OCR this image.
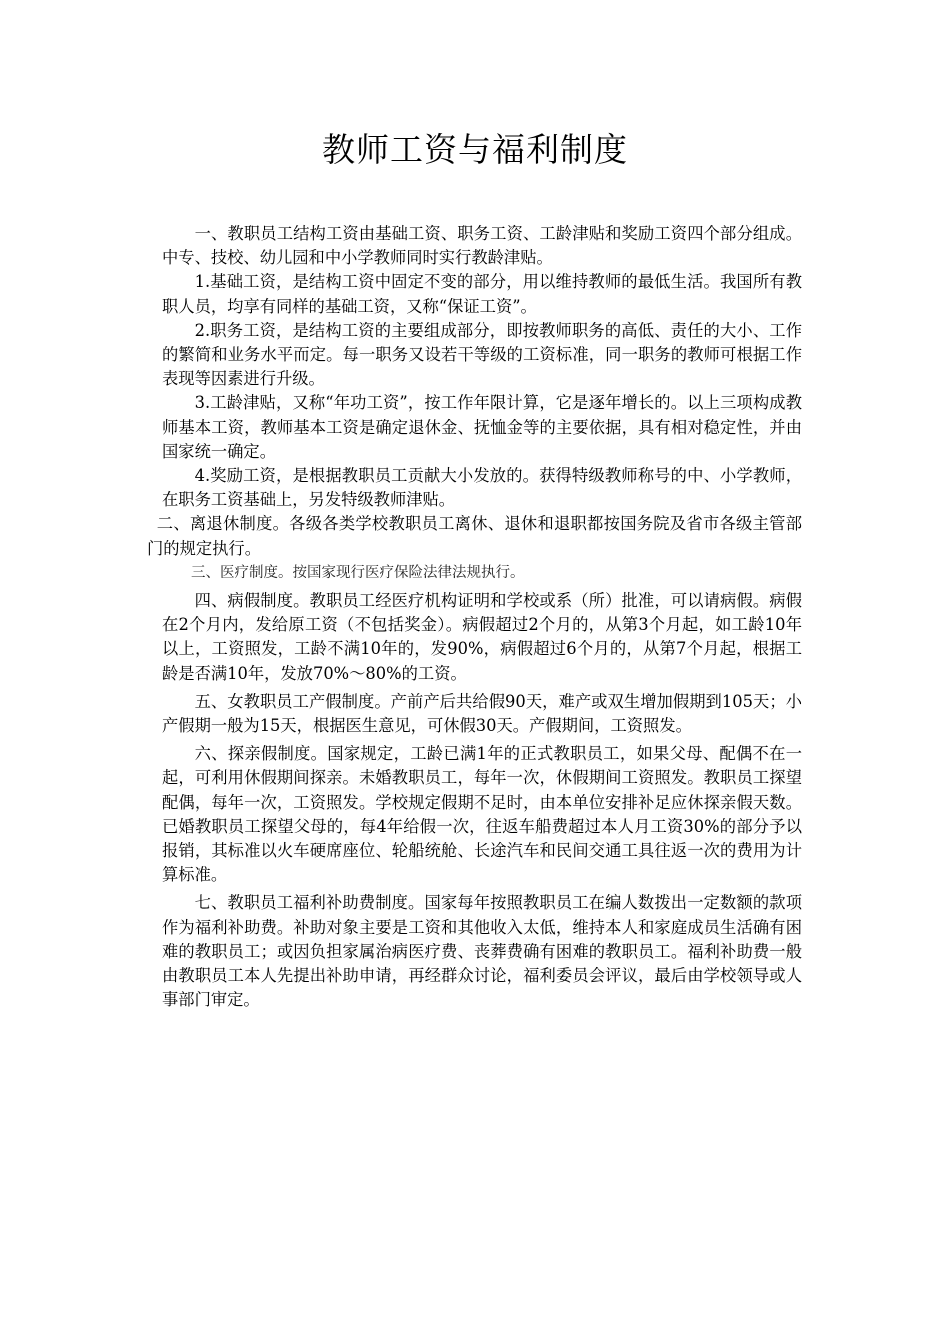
教师工资与福利制度

一、教职员工结构工资由基础工资、职务工资、工龄津贴和奖励工资四个部分组成。中专、技校、幼儿园和中小学教师同时实行教龄津贴。

1.基础工资，是结构工资中固定不变的部分，用以维持教师的最低生活。我国所有教职人员，均享有同样的基础工资，又称“保证工资”。

2.职务工资，是结构工资的主要组成部分，即按教师职务的高低、责任的大小、工作的繁简和业务水平而定。每一职务又设若干等级的工资标准，同一职务的教师可根据工作表现等因素进行升级。

3.工龄津贴，又称“年功工资”，按工作年限计算，它是逐年增长的。以上三项构成教师基本工资，教师基本工资是确定退休金、抚恤金等的主要依据，具有相对稳定性，并由国家统一确定。

4.奖励工资，是根据教职员工贡献大小发放的。获得特级教师称号的中、小学教师，在职务工资基础上，另发特级教师津贴。

二、离退休制度。各级各类学校教职员工离休、退休和退职都按国务院及省市各级主管部门的规定执行。

三、医疗制度。按国家现行医疗保险法律法规执行。

四、病假制度。教职员工经医疗机构证明和学校或系（所）批准，可以请病假。病假在2个月内，发给原工资（不包括奖金）。病假超过2个月的，从第3个月起，如工龄10年以上，工资照发，工龄不满10年的，发90%，病假超过6个月的，从第7个月起，根据工龄是否满10年，发放70%～80%的工资。

五、女教职员工产假制度。产前产后共给假90天，难产或双生增加假期到105天；小产假期一般为15天，根据医生意见，可休假30天。产假期间，工资照发。

六、探亲假制度。国家规定，工龄已满1年的正式教职员工，如果父母、配偶不在一起，可利用休假期间探亲。未婚教职员工，每年一次，休假期间工资照发。教职员工探望配偶，每年一次，工资照发。学校规定假期不足时，由本单位安排补足应休探亲假天数。已婚教职员工探望父母的，每4年给假一次，往返车船费超过本人月工资30%的部分予以报销，其标准以火车硬席座位、轮船统舱、长途汽车和民间交通工具往返一次的费用为计算标准。

七、教职员工福利补助费制度。国家每年按照教职员工在编人数拨出一定数额的款项作为福利补助费。补助对象主要是工资和其他收入太低，维持本人和家庭成员生活确有困难的教职员工；或因负担家属治病医疗费、丧葬费确有困难的教职员工。福利补助费一般由教职员工本人先提出补助申请，再经群众讨论，福利委员会评议，最后由学校领导或人事部门审定。
